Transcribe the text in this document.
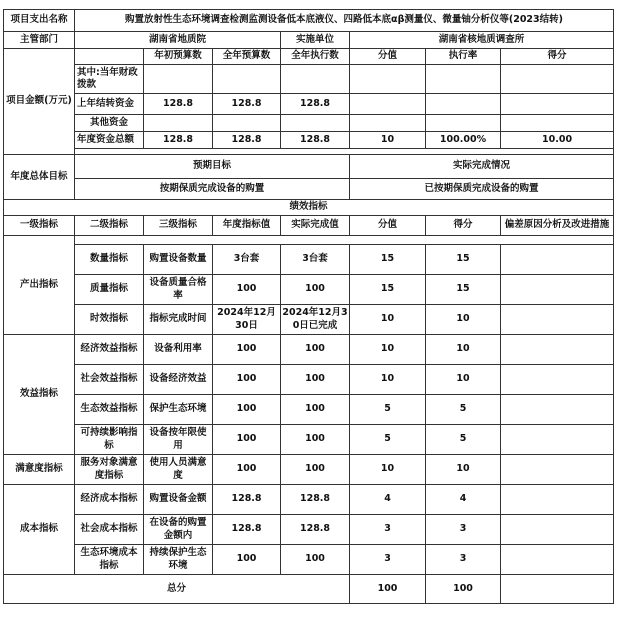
项目支出名称	购置放射性生态环境调查检测监测设备低本底液仪、四路低本底αβ测量仪、微量铀分析仪等(2023结转)						
主管部门	湖南省地质院			实施单位	湖南省核地质调查所		
项目金额(万元)		年初预算数	全年预算数	全年执行数	分值	执行率	得分
	其中:当年财政拨款						
	上年结转资金	128.8	128.8	128.8			
	其他资金						
	年度资金总额	128.8	128.8	128.8	10	100.00%	10.00

年度总体目标	预期目标				实际完成情况		
	按期保质完成设备的购置				已按期保质完成设备的购置		
绩效指标							
一级指标	二级指标	三级指标	年度指标值	实际完成值	分值	得分	偏差原因分析及改进措施
产出指标							
	数量指标	购置设备数量	3台套	3台套	15	15	
	质量指标	设备质量合格率	100	100	15	15	
	时效指标	指标完成时间	2024年12月30日	2024年12月30日已完成	10	10	
效益指标	经济效益指标	设备利用率	100	100	10	10	
	社会效益指标	设备经济效益	100	100	10	10	
	生态效益指标	保护生态环境	100	100	5	5	
	可持续影响指标	设备按年限使用	100	100	5	5	
满意度指标	服务对象满意度指标	使用人员满意度	100	100	10	10	
成本指标	经济成本指标	购置设备金额	128.8	128.8	4	4	
	社会成本指标	在设备的购置金额内	128.8	128.8	3	3	
	生态环境成本指标	持续保护生态环境	100	100	3	3	
总分					100	100	
